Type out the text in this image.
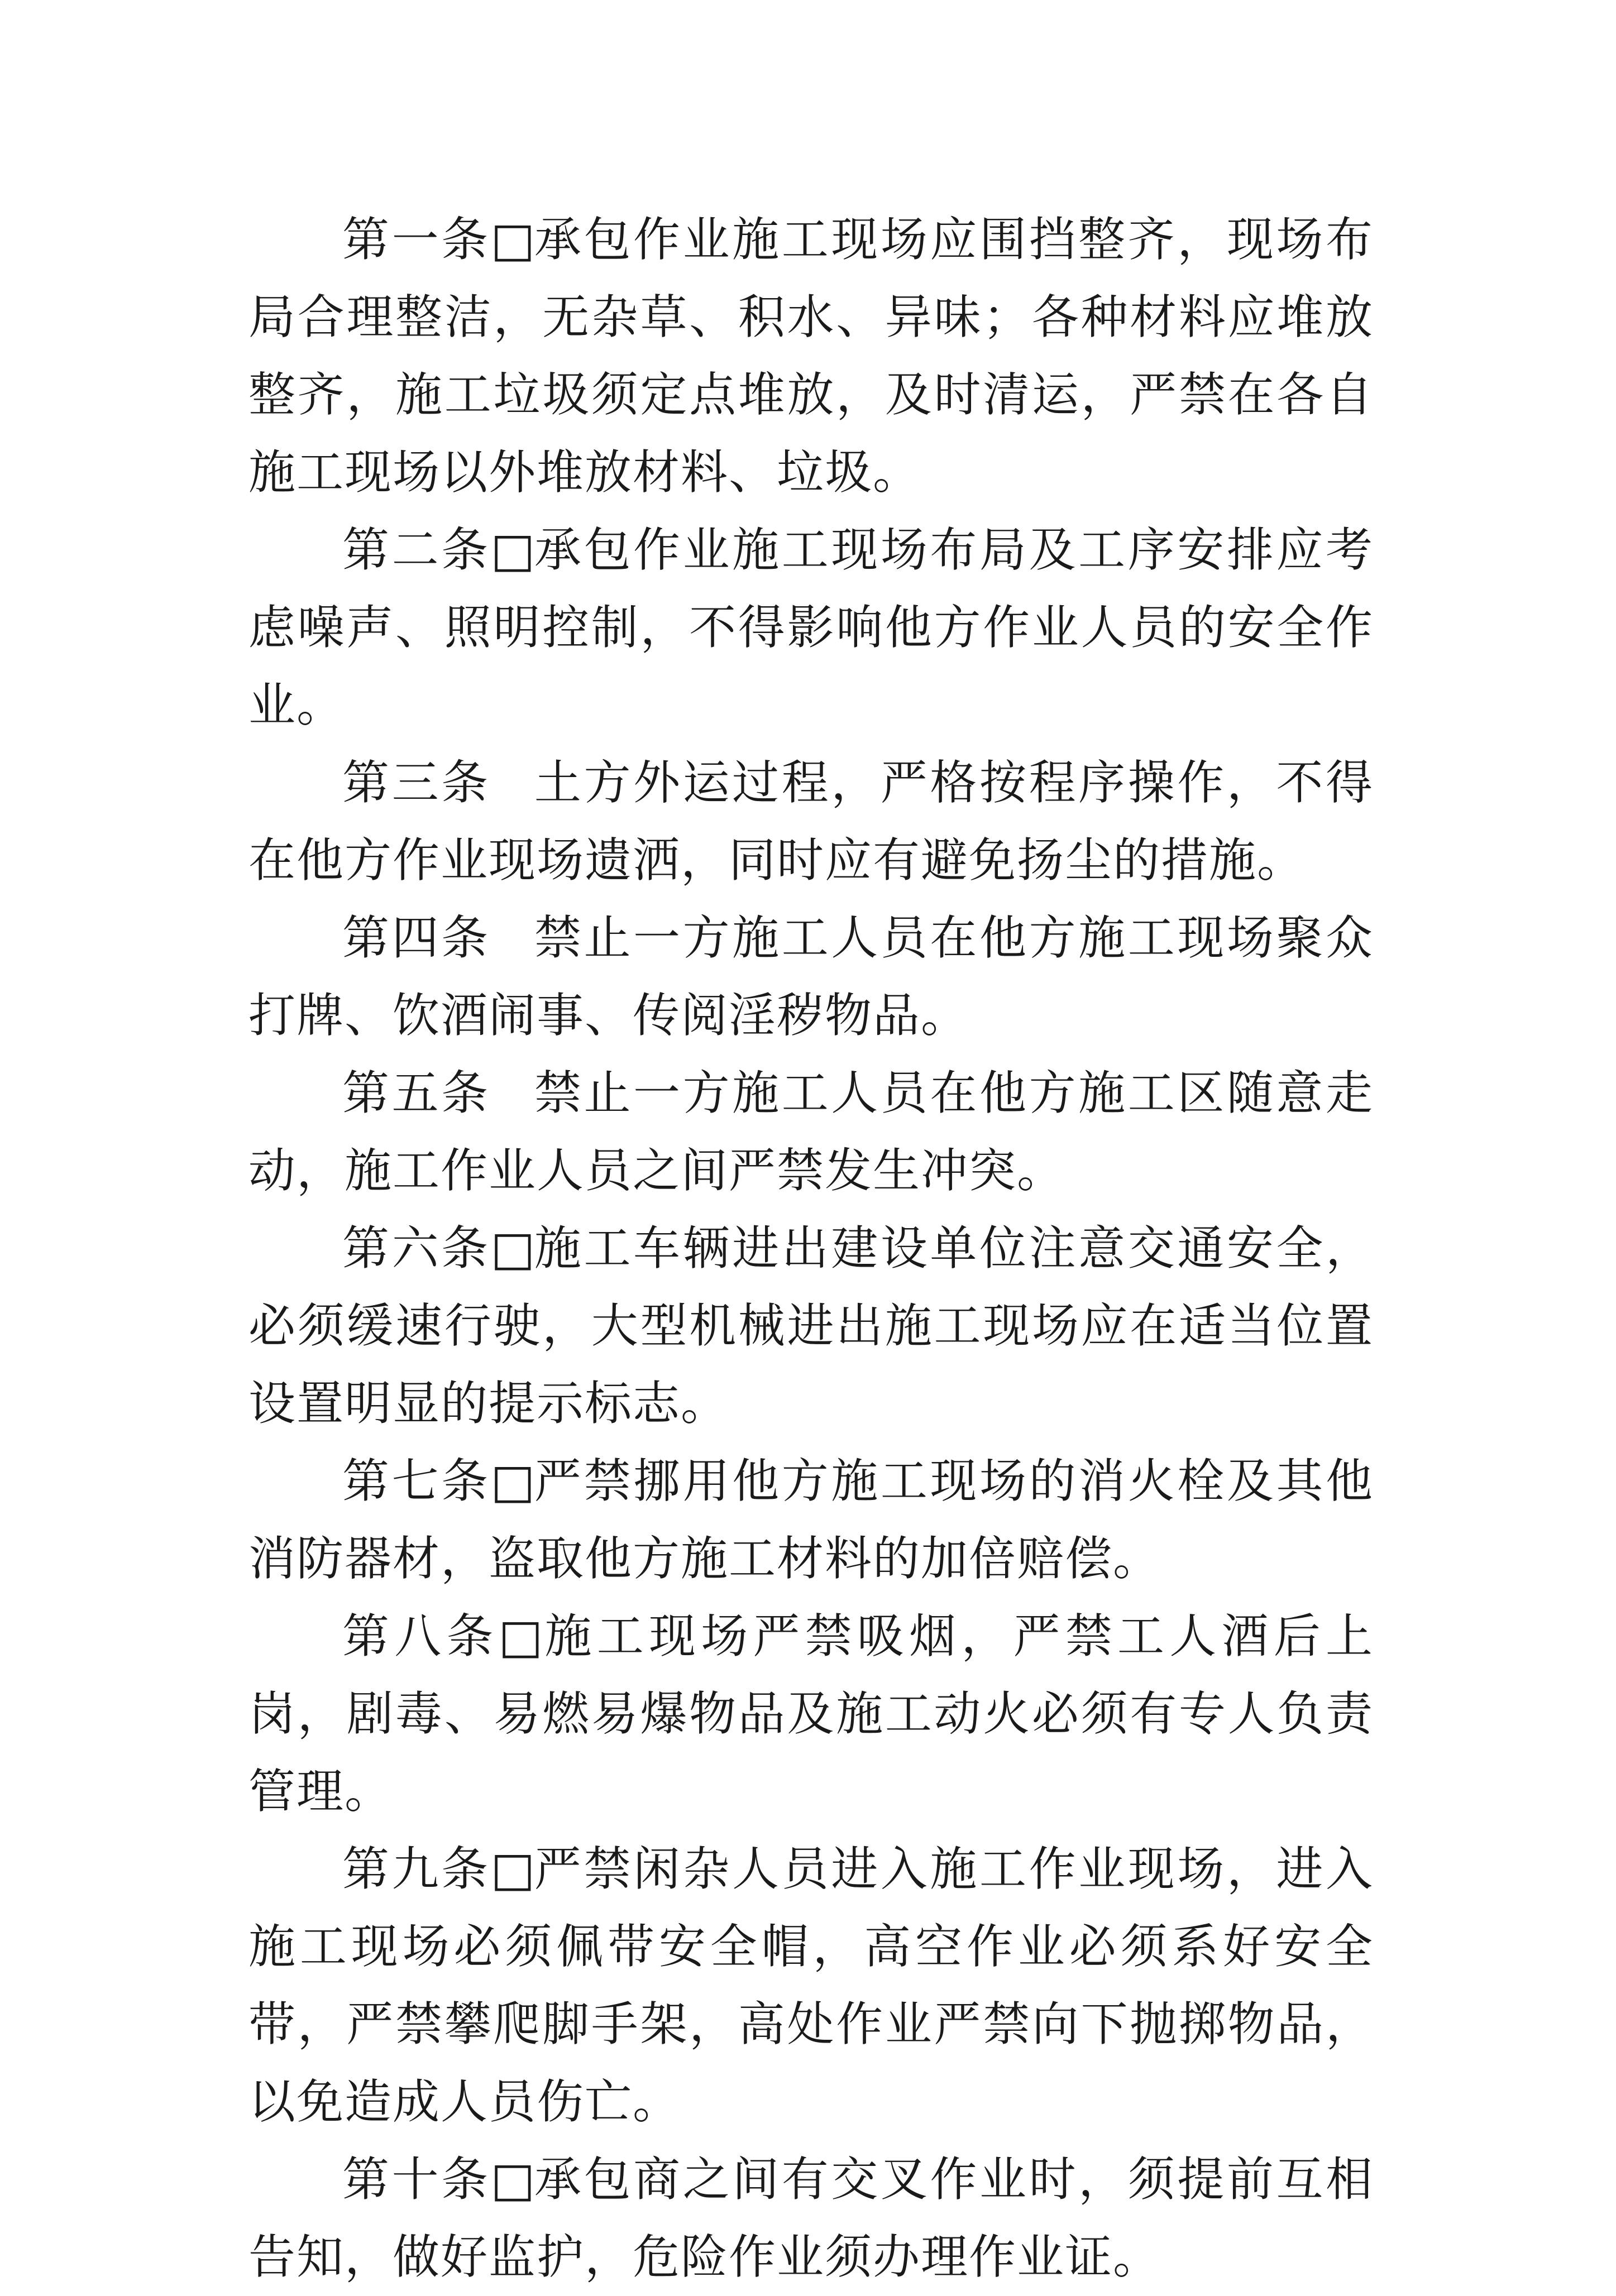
第一条□承包作业施工现场应围挡整齐，现场布局合理整洁，无杂草、积水、异味；各种材料应堆放整齐，施工垃圾须定点堆放，及时清运，严禁在各自施工现场以外堆放材料、垃圾。

第二条□承包作业施工现场布局及工序安排应考虑噪声、照明控制，不得影响他方作业人员的安全作业。

第三条 土方外运过程，严格按程序操作，不得在他方作业现场遗洒，同时应有避免扬尘的措施。

第四条 禁止一方施工人员在他方施工现场聚众打牌、饮酒闹事、传阅淫秽物品。

第五条 禁止一方施工人员在他方施工区随意走动，施工作业人员之间严禁发生冲突。

第六条□施工车辆进出建设单位注意交通安全，必须缓速行驶，大型机械进出施工现场应在适当位置设置明显的提示标志。

第七条□严禁挪用他方施工现场的消火栓及其他消防器材，盗取他方施工材料的加倍赔偿。

第八条□施工现场严禁吸烟，严禁工人酒后上岗，剧毒、易燃易爆物品及施工动火必须有专人负责管理。

第九条□严禁闲杂人员进入施工作业现场，进入施工现场必须佩带安全帽，高空作业必须系好安全带，严禁攀爬脚手架，高处作业严禁向下抛掷物品，以免造成人员伤亡。

第十条□承包商之间有交叉作业时，须提前互相告知，做好监护，危险作业须办理作业证。
